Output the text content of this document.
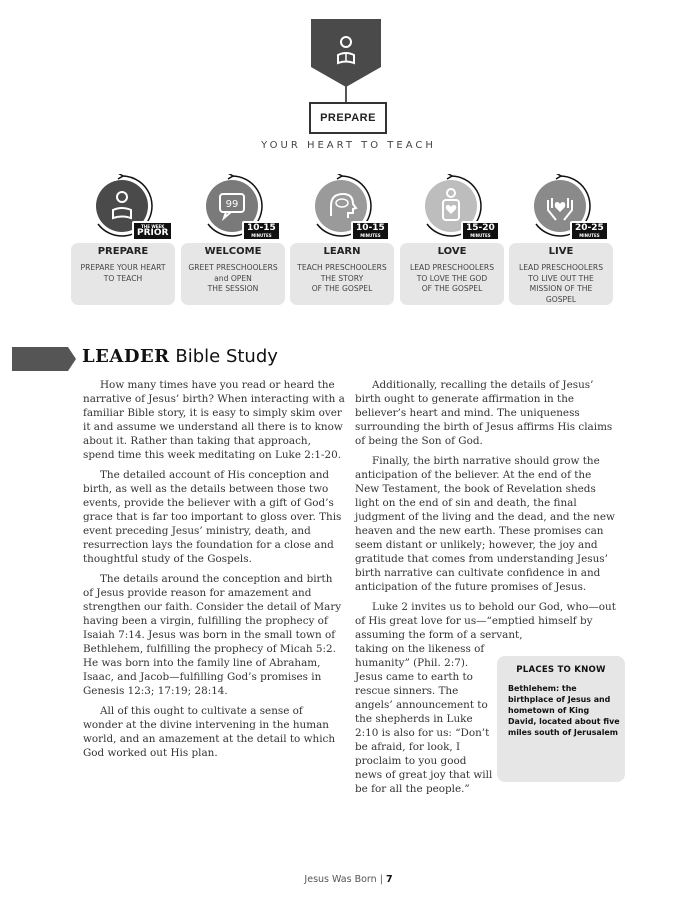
PREPARE
YOUR HEART TO TEACH
THE WEEK
PRIOR
PREPARE
PREPARE YOUR HEART
TO TEACH
99
10-15
MINUTES
WELCOME
GREET PRESCHOOLERS
and OPEN
THE SESSION
10-15
MINUTES
LEARN
TEACH PRESCHOOLERS
THE STORY
OF THE GOSPEL
15-20
MINUTES
LOVE
LEAD PRESCHOOLERS
TO LOVE THE GOD
OF THE GOSPEL
20-25
MINUTES
LIVE
LEAD PRESCHOOLERS
TO LIVE OUT THE
MISSION OF THE
GOSPEL
LEADER Bible Study

How many times have you read or heard the narrative of Jesus’ birth? When interacting with a familiar Bible story, it is easy to simply skim over it and assume we understand all there is to know about it. Rather than taking that approach, spend time this week meditating on Luke 2:1-20.

The detailed account of His conception and birth, as well as the details between those two events, provide the believer with a gift of God’s grace that is far too important to gloss over. This event preceding Jesus’ ministry, death, and resurrection lays the foundation for a close and thoughtful study of the Gospels.

The details around the conception and birth of Jesus provide reason for amazement and strengthen our faith. Consider the detail of Mary having been a virgin, fulfilling the prophecy of Isaiah 7:14. Jesus was born in the small town of Bethlehem, fulfilling the prophecy of Micah 5:2. He was born into the family line of Abraham, Isaac, and Jacob—fulfilling God’s promises in Genesis 12:3; 17:19; 28:14.

All of this ought to cultivate a sense of wonder at the divine intervening in the human world, and an amazement at the detail to which God worked out His plan.

Additionally, recalling the details of Jesus’ birth ought to generate affirmation in the believer’s heart and mind. The uniqueness surrounding the birth of Jesus affirms His claims of being the Son of God.

Finally, the birth narrative should grow the anticipation of the believer. At the end of the New Testament, the book of Revelation sheds light on the end of sin and death, the final judgment of the living and the dead, and the new heaven and the new earth. These promises can seem distant or unlikely; however, the joy and gratitude that comes from understanding Jesus’ birth narrative can cultivate confidence in and anticipation of the future promises of Jesus.

Luke 2 invites us to behold our God, who—out of His great love for us—“emptied himself by assuming the form of a servant,

taking on the likeness of humanity” (Phil. 2:7). Jesus came to earth to rescue sinners. The angels’ announcement to the shepherds in Luke 2:10 is also for us: “Don’t be afraid, for look, I proclaim to you good news of great joy that will be for all the people.”

PLACES TO KNOW
Bethlehem: the birthplace of Jesus and hometown of King David, located about five miles south of Jerusalem
Jesus Was Born | 7
